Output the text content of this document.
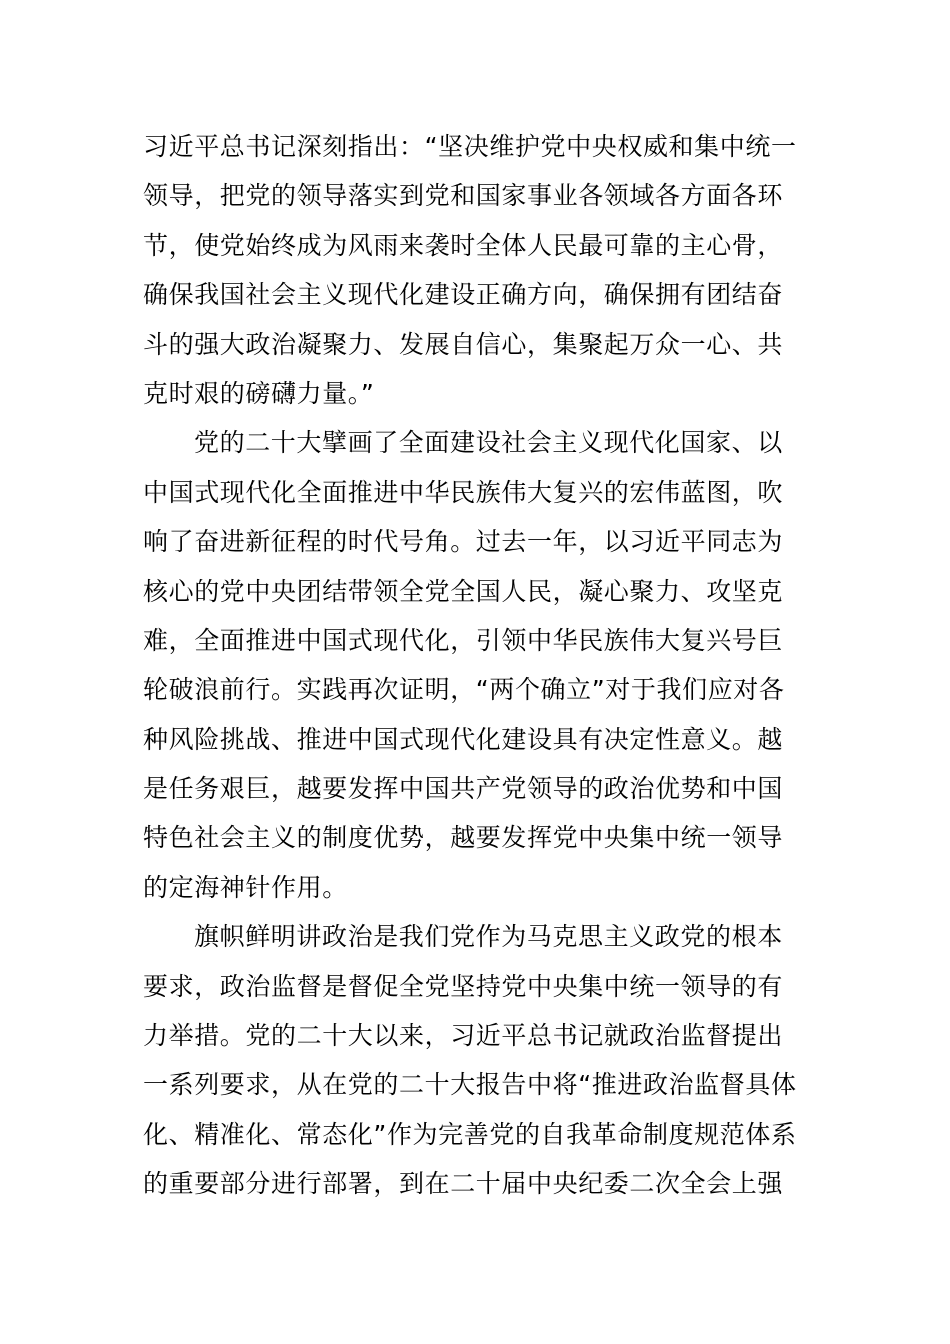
习近平总书记深刻指出：“坚决维护党中央权威和集中统一
领导，把党的领导落实到党和国家事业各领域各方面各环
节，使党始终成为风雨来袭时全体人民最可靠的主心骨，
确保我国社会主义现代化建设正确方向，确保拥有团结奋
斗的强大政治凝聚力、发展自信心，集聚起万众一心、共
克时艰的磅礴力量。”
党的二十大擘画了全面建设社会主义现代化国家、以
中国式现代化全面推进中华民族伟大复兴的宏伟蓝图，吹
响了奋进新征程的时代号角。过去一年，以习近平同志为
核心的党中央团结带领全党全国人民，凝心聚力、攻坚克
难，全面推进中国式现代化，引领中华民族伟大复兴号巨
轮破浪前行。实践再次证明，“两个确立”对于我们应对各
种风险挑战、推进中国式现代化建设具有决定性意义。越
是任务艰巨，越要发挥中国共产党领导的政治优势和中国
特色社会主义的制度优势，越要发挥党中央集中统一领导
的定海神针作用。
旗帜鲜明讲政治是我们党作为马克思主义政党的根本
要求，政治监督是督促全党坚持党中央集中统一领导的有
力举措。党的二十大以来，习近平总书记就政治监督提出
一系列要求，从在党的二十大报告中将“推进政治监督具体
化、精准化、常态化”作为完善党的自我革命制度规范体系
的重要部分进行部署，到在二十届中央纪委二次全会上强
